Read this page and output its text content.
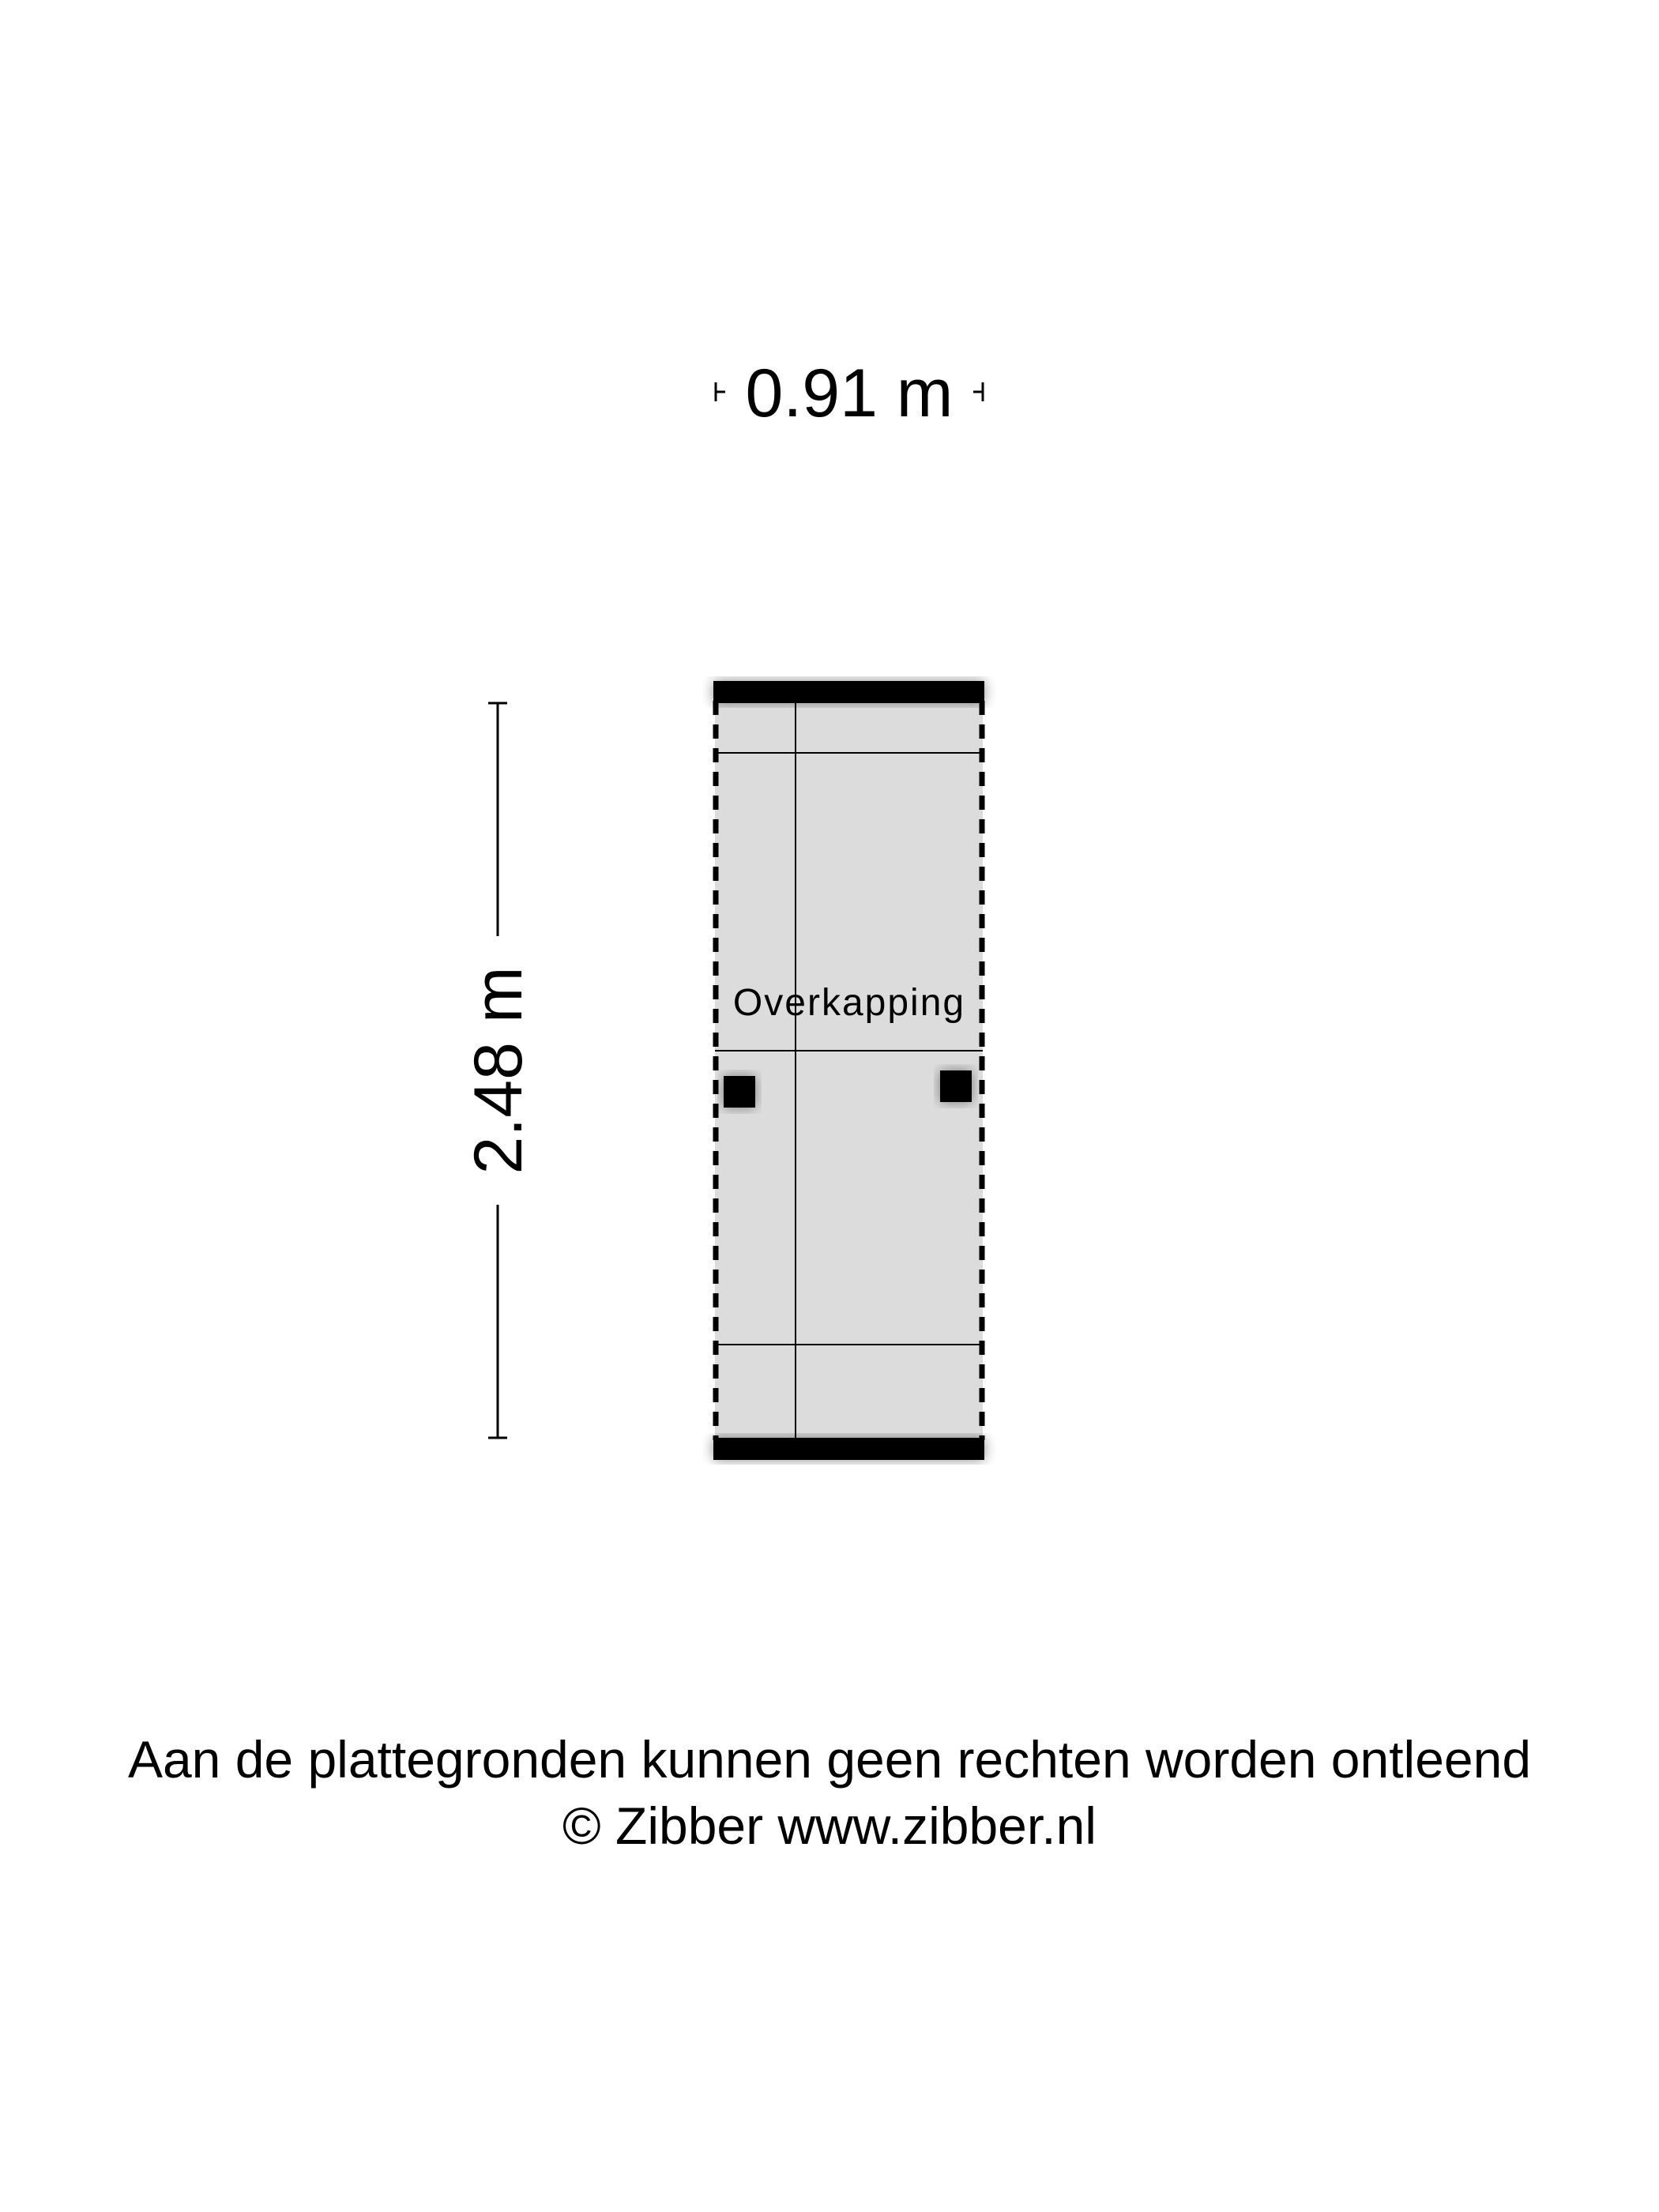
0.91 m
2.48 m	Overkapping
Aan de plattegronden kunnen geen rechten worden ontleend
© Zibber www.zibber.nl
